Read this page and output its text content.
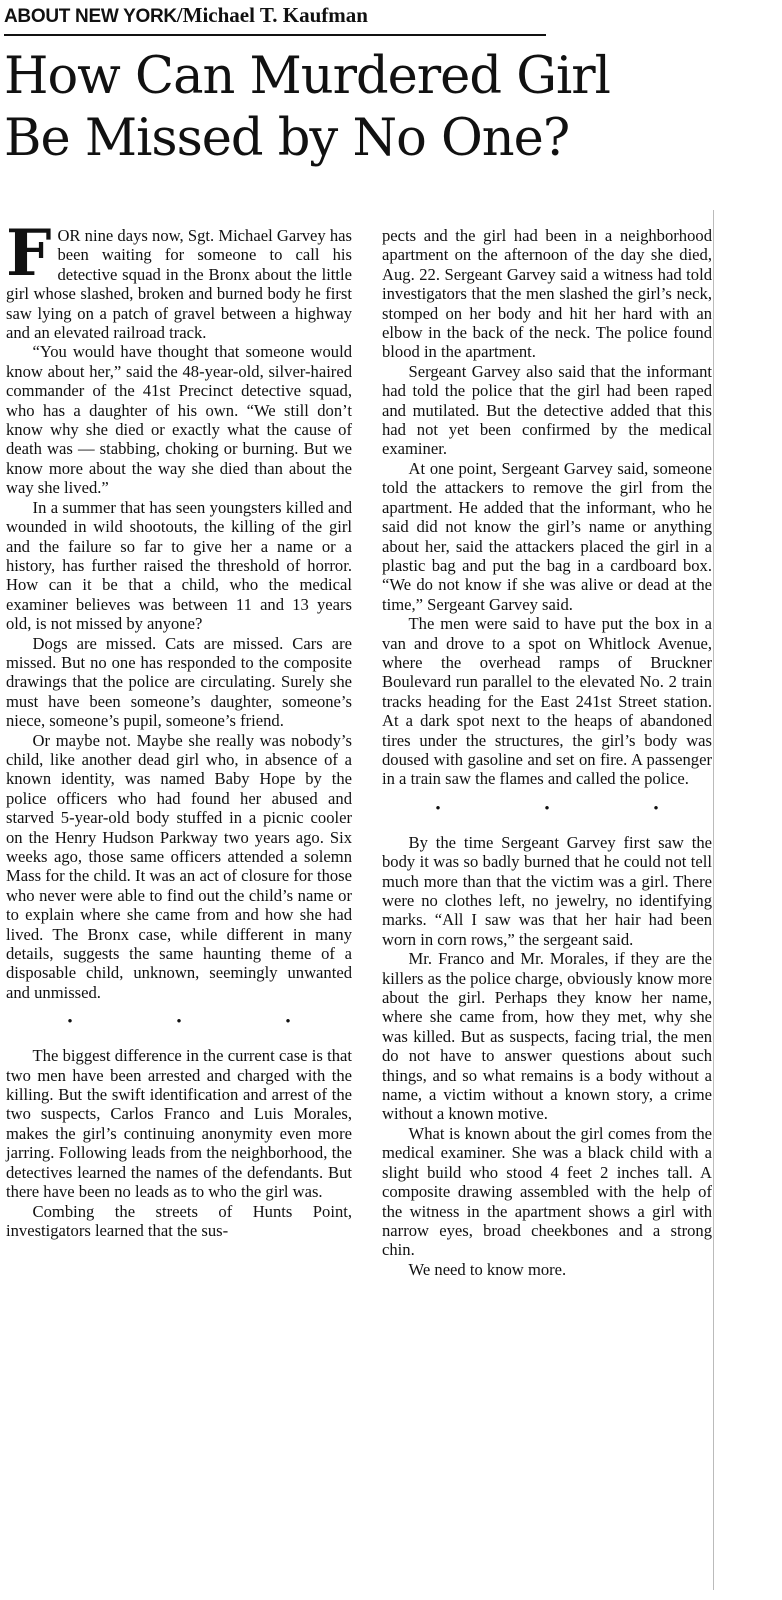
ABOUT NEW YORK/Michael T. Kaufman
How Can Murdered Girl
Be Missed by No One?

FOR nine days now, Sgt. Michael Garvey has been waiting for someone to call his detective squad in the Bronx about the little girl whose slashed, broken and burned body he first saw lying on a patch of gravel between a highway and an elevated railroad track.

“You would have thought that someone would know about her,” said the 48-year-old, silver-haired commander of the 41st Precinct detective squad, who has a daughter of his own. “We still don’t know why she died or exactly what the cause of death was — stabbing, choking or burning. But we know more about the way she died than about the way she lived.”

In a summer that has seen youngsters killed and wounded in wild shootouts, the killing of the girl and the failure so far to give her a name or a history, has further raised the threshold of horror. How can it be that a child, who the medical examiner believes was between 11 and 13 years old, is not missed by anyone?

Dogs are missed. Cats are missed. Cars are missed. But no one has responded to the composite drawings that the police are circulating. Surely she must have been someone’s daughter, someone’s niece, someone’s pupil, someone’s friend.

Or maybe not. Maybe she really was nobody’s child, like another dead girl who, in absence of a known identity, was named Baby Hope by the police officers who had found her abused and starved 5-year-old body stuffed in a picnic cooler on the Henry Hudson Parkway two years ago. Six weeks ago, those same officers attended a solemn Mass for the child. It was an act of closure for those who never were able to find out the child’s name or to explain where she came from and how she had lived. The Bronx case, while different in many details, suggests the same haunting theme of a disposable child, unknown, seemingly unwanted and unmissed.

• • •

The biggest difference in the current case is that two men have been arrested and charged with the killing. But the swift identification and arrest of the two suspects, Carlos Franco and Luis Morales, makes the girl’s continuing anonymity even more jarring. Following leads from the neighborhood, the detectives learned the names of the defendants. But there have been no leads as to who the girl was.

Combing the streets of Hunts Point, investigators learned that the sus-

pects and the girl had been in a neighborhood apartment on the afternoon of the day she died, Aug. 22. Sergeant Garvey said a witness had told investigators that the men slashed the girl’s neck, stomped on her body and hit her hard with an elbow in the back of the neck. The police found blood in the apartment.

Sergeant Garvey also said that the informant had told the police that the girl had been raped and mutilated. But the detective added that this had not yet been confirmed by the medical examiner.

At one point, Sergeant Garvey said, someone told the attackers to remove the girl from the apartment. He added that the informant, who he said did not know the girl’s name or anything about her, said the attackers placed the girl in a plastic bag and put the bag in a cardboard box. “We do not know if she was alive or dead at the time,” Sergeant Garvey said.

The men were said to have put the box in a van and drove to a spot on Whitlock Avenue, where the overhead ramps of Bruckner Boulevard run parallel to the elevated No. 2 train tracks heading for the East 241st Street station. At a dark spot next to the heaps of abandoned tires under the structures, the girl’s body was doused with gasoline and set on fire. A passenger in a train saw the flames and called the police.

• • •

By the time Sergeant Garvey first saw the body it was so badly burned that he could not tell much more than that the victim was a girl. There were no clothes left, no jewelry, no identifying marks. “All I saw was that her hair had been worn in corn rows,” the sergeant said.

Mr. Franco and Mr. Morales, if they are the killers as the police charge, obviously know more about the girl. Perhaps they know her name, where she came from, how they met, why she was killed. But as suspects, facing trial, the men do not have to answer questions about such things, and so what remains is a body without a name, a victim without a known story, a crime without a known motive.

What is known about the girl comes from the medical examiner. She was a black child with a slight build who stood 4 feet 2 inches tall. A composite drawing assembled with the help of the witness in the apartment shows a girl with narrow eyes, broad cheekbones and a strong chin.

We need to know more.
